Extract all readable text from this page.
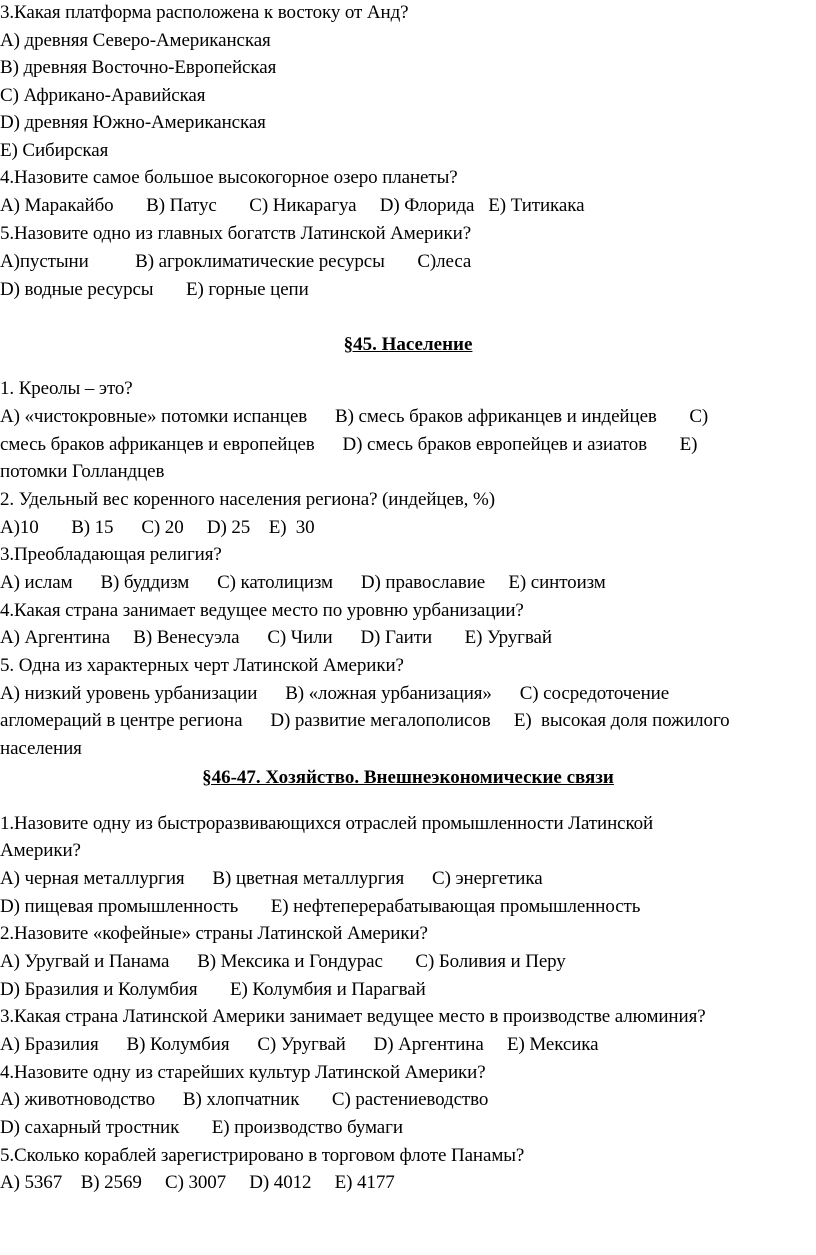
3.Какая платформа расположена к востоку от Анд?
A) древняя Северо-Американская
B) древняя Восточно-Европейская
C) Африкано-Аравийская
D) древняя Южно-Американская
E) Сибирская
4.Назовите самое большое высокогорное озеро планеты?
A) Маракайбо       B) Патус       C) Никарагуа     D) Флорида   E) Титикака
5.Назовите одно из главных богатств Латинской Америки?
A)пустыни          B) агроклиматические ресурсы       C)леса
D) водные ресурсы       E) горные цепи
§45. Население
1. Креолы – это?
A) «чистокровные» потомки испанцев      B) смесь браков африканцев и индейцев       C)
смесь браков африканцев и европейцев      D) смесь браков европейцев и азиатов       E)
потомки Голландцев
2. Удельный вес коренного населения региона? (индейцев, %)
A)10       B) 15      C) 20     D) 25    E)  30
3.Преобладающая религия?
A) ислам      B) буддизм      C) католицизм      D) православие     E) синтоизм
4.Какая страна занимает ведущее место по уровню урбанизации?
A) Аргентина     B) Венесуэла      C) Чили      D) Гаити       E) Уругвай
5. Одна из характерных черт Латинской Америки?
A) низкий уровень урбанизации      B) «ложная урбанизация»      C) сосредоточение
агломераций в центре региона      D) развитие мегалополисов     E)  высокая доля пожилого
населения
§46-47. Хозяйство. Внешнеэкономические связи
1.Назовите одну из быстроразвивающихся отраслей промышленности Латинской
Америки?
A) черная металлургия      B) цветная металлургия      C) энергетика
D) пищевая промышленность       E) нефтеперерабатывающая промышленность
2.Назовите «кофейные» страны Латинской Америки?
A) Уругвай и Панама      B) Мексика и Гондурас       C) Боливия и Перу
D) Бразилия и Колумбия       E) Колумбия и Парагвай
3.Какая страна Латинской Америки занимает ведущее место в производстве алюминия?
A) Бразилия      B) Колумбия      C) Уругвай      D) Аргентина     E) Мексика
4.Назовите одну из старейших культур Латинской Америки?
A) животноводство      B) хлопчатник       C) растениеводство
D) сахарный тростник       E) производство бумаги
5.Сколько кораблей зарегистрировано в торговом флоте Панамы?
A) 5367    B) 2569     C) 3007     D) 4012     E) 4177
